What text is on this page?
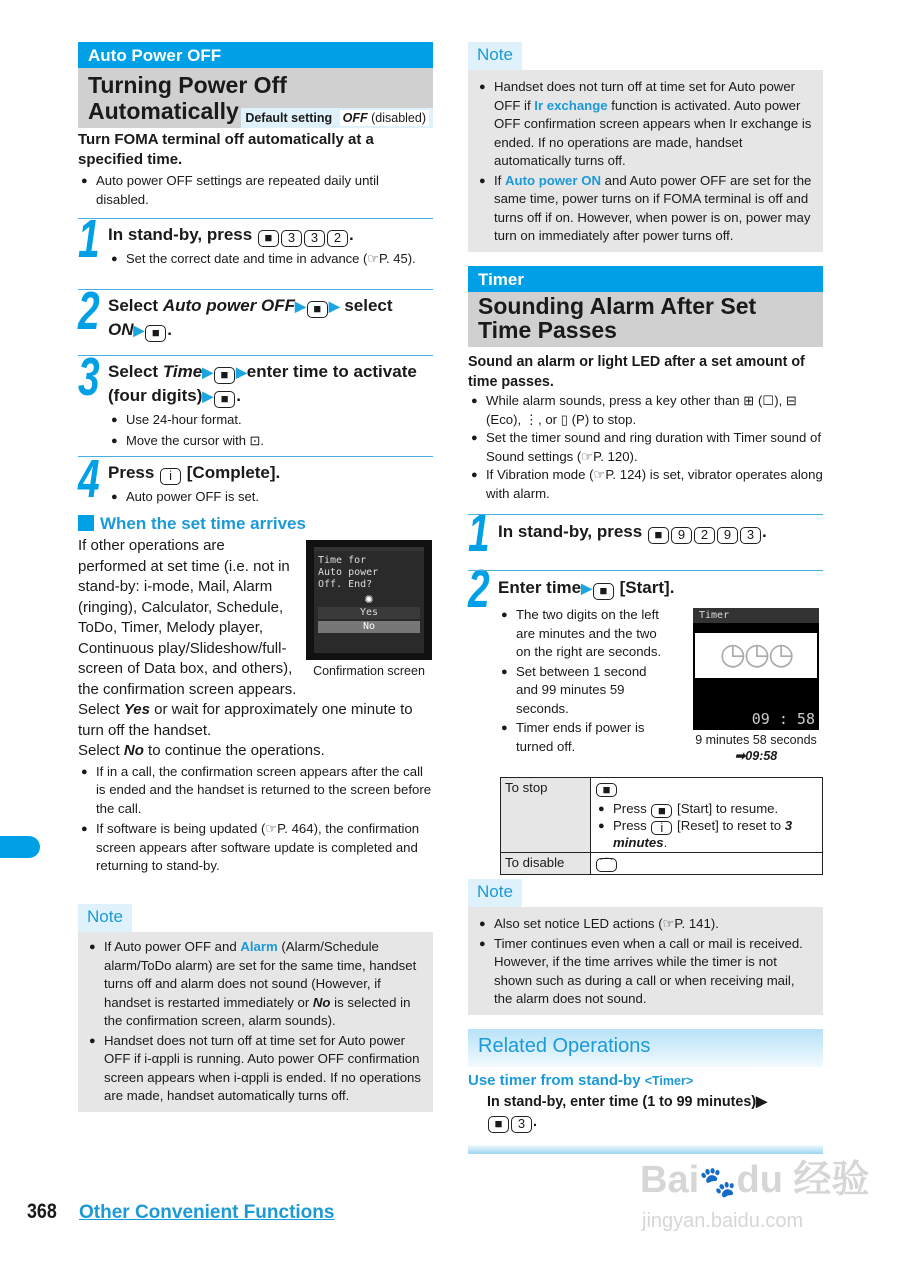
Auto Power OFF
Turning Power Off Automatically Default setting OFF (disabled)
Turn FOMA terminal off automatically at a specified time.
● Auto power OFF settings are repeated daily until disabled.
1 In stand-by, press ■ 3 3 2 .
● Set the correct date and time in advance (☞P. 45).
2 Select Auto power OFF▶ ■ ▶ select ON▶ ■ .
3 Select Time▶ ■ ▶enter time to activate (four digits)▶ ■ .
● Use 24-hour format.
● Move the cursor with ⊡.
4 Press i [Complete].
● Auto power OFF is set.
When the set time arrives
Time for Auto power Off. End?
✺
Yes
No
Confirmation screen
If other operations are performed at set time (i.e. not in stand-by: i-mode, Mail, Alarm (ringing), Calculator, Schedule, ToDo, Timer, Melody player, Continuous play/Slideshow/full-screen of Data box, and others), the confirmation screen appears. Select Yes or wait for approximately one minute to turn off the handset.
Select No to continue the operations.
● If in a call, the confirmation screen appears after the call is ended and the handset is returned to the screen before the call.
● If software is being updated (☞P. 464), the confirmation screen appears after software update is completed and returning to stand-by.
Note
● If Auto power OFF and Alarm (Alarm/Schedule alarm/ToDo alarm) are set for the same time, handset turns off and alarm does not sound (However, if handset is restarted immediately or No is selected in the confirmation screen, alarm sounds).
● Handset does not turn off at time set for Auto power OFF if i-αppli is running. Auto power OFF confirmation screen appears when i-αppli is ended. If no operations are made, handset automatically turns off.
Note
● Handset does not turn off at time set for Auto power OFF if Ir exchange function is activated. Auto power OFF confirmation screen appears when Ir exchange is ended. If no operations are made, handset automatically turns off.
● If Auto power ON and Auto power OFF are set for the same time, power turns on if FOMA terminal is off and turns off if on. However, when power is on, power may turn on immediately after power turns off.
Timer
Sounding Alarm After Set Time Passes
Sound an alarm or light LED after a set amount of time passes.
● While alarm sounds, press a key other than ⊞ (☐), ⊟ (Eco), ⋮, or ▯ (P) to stop.
● Set the timer sound and ring duration with Timer sound of Sound settings (☞P. 120).
● If Vibration mode (☞P. 124) is set, vibrator operates along with alarm.
1 In stand-by, press ■ 9 2 9 3 .
2 Enter time▶ ■ [Start].
● The two digits on the left are minutes and the two on the right are seconds.
● Set between 1 second and 99 minutes 59 seconds.
● Timer ends if power is turned off.
Timer
◷◷◷
09 : 58
9 minutes 58 seconds
➡09:58
To stop	■
● Press ■ [Start] to resume.
● Press i [Reset] to reset to 3 minutes.

To disable	⌒
Note
● Also set notice LED actions (☞P. 141).
● Timer continues even when a call or mail is received. However, if the time arrives while the timer is not shown such as during a call or when receiving mail, the alarm does not sound.
Related Operations
Use timer from stand-by <Timer>
In stand-by, enter time (1 to 99 minutes)▶
■ 3 .
368 Other Convenient Functions
Bai🐾du 经验
jingyan.baidu.com
